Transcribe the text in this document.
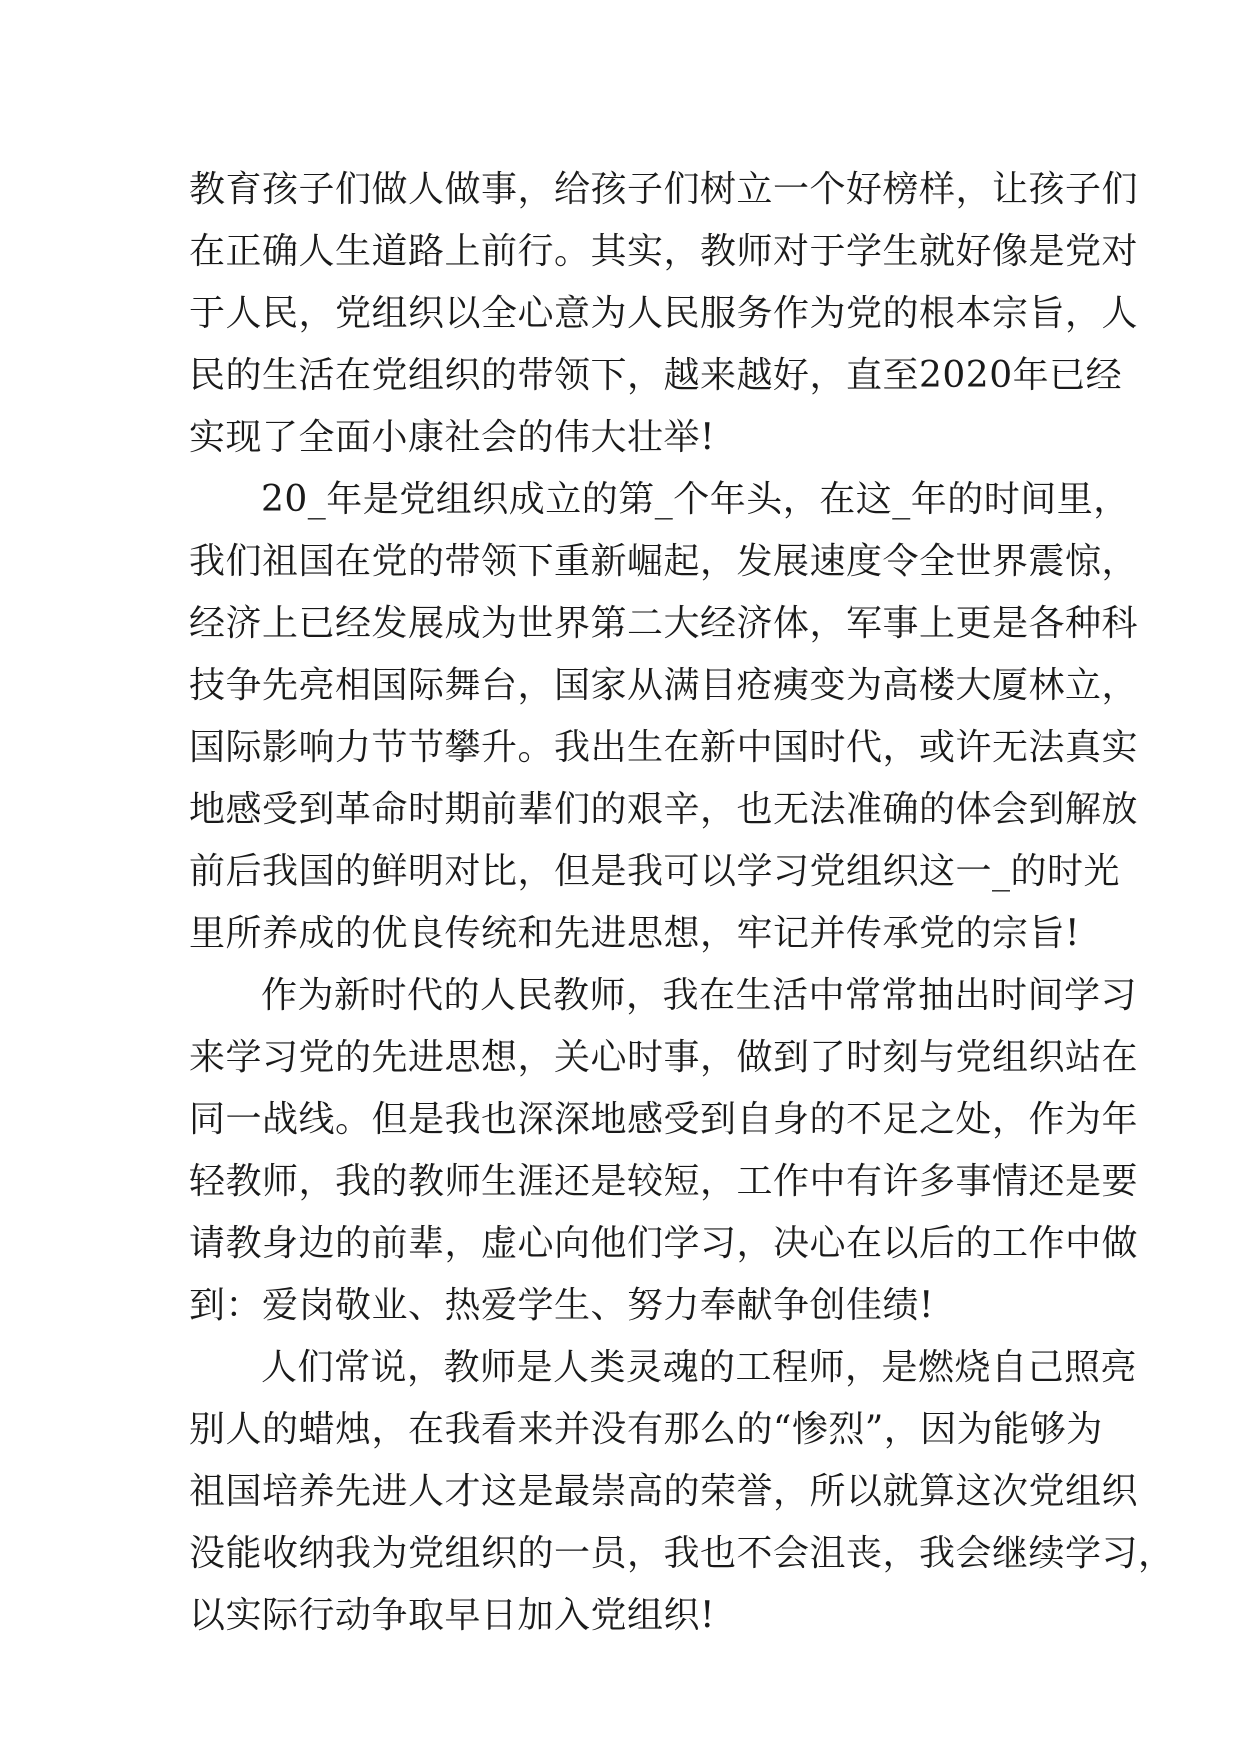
教育孩子们做人做事，给孩子们树立一个好榜样，让孩子们
在正确人生道路上前行。其实，教师对于学生就好像是党对
于人民，党组织以全心意为人民服务作为党的根本宗旨，人
民的生活在党组织的带领下，越来越好，直至2020年已经
实现了全面小康社会的伟大壮举!
20_年是党组织成立的第_个年头，在这_年的时间里，
我们祖国在党的带领下重新崛起，发展速度令全世界震惊，
经济上已经发展成为世界第二大经济体，军事上更是各种科
技争先亮相国际舞台，国家从满目疮痍变为高楼大厦林立，
国际影响力节节攀升。我出生在新中国时代，或许无法真实
地感受到革命时期前辈们的艰辛，也无法准确的体会到解放
前后我国的鲜明对比，但是我可以学习党组织这一_的时光
里所养成的优良传统和先进思想，牢记并传承党的宗旨!
作为新时代的人民教师，我在生活中常常抽出时间学习
来学习党的先进思想，关心时事，做到了时刻与党组织站在
同一战线。但是我也深深地感受到自身的不足之处，作为年
轻教师，我的教师生涯还是较短，工作中有许多事情还是要
请教身边的前辈，虚心向他们学习，决心在以后的工作中做
到：爱岗敬业、热爱学生、努力奉献争创佳绩!
人们常说，教师是人类灵魂的工程师，是燃烧自己照亮
别人的蜡烛，在我看来并没有那么的“惨烈”，因为能够为
祖国培养先进人才这是最崇高的荣誉，所以就算这次党组织
没能收纳我为党组织的一员，我也不会沮丧，我会继续学习，
以实际行动争取早日加入党组织!
